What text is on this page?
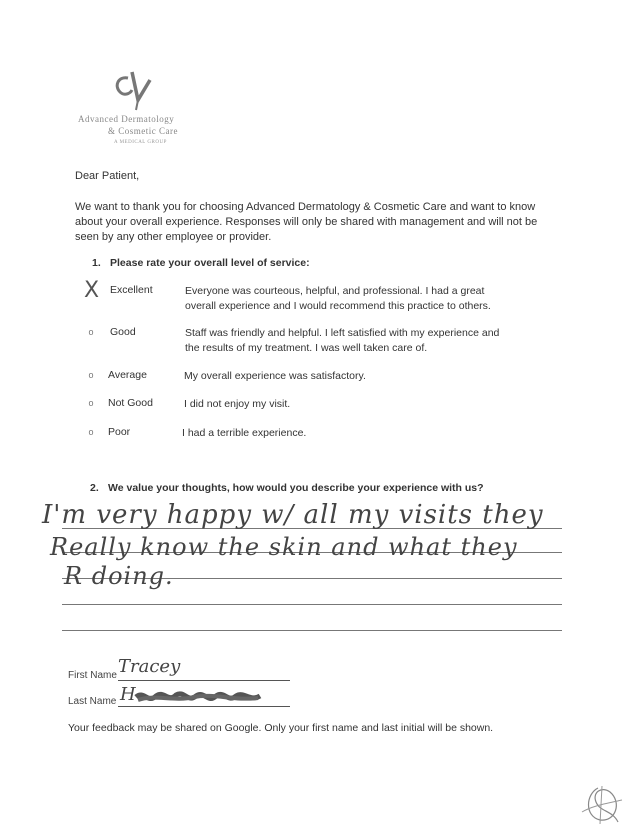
Advanced Dermatology
& Cosmetic Care
A MEDICAL GROUP
Dear Patient,
We want to thank you for choosing Advanced Dermatology & Cosmetic Care and want to know about your overall experience. Responses will only be shared with management and will not be seen by any other employee or provider.
1. Please rate your overall level of service:
X Excellent	Everyone was courteous, helpful, and professional. I had a great overall experience and I would recommend this practice to others.
o	Good	Staff was friendly and helpful. I left satisfied with my experience and the results of my treatment. I was well taken care of.
o	Average	My overall experience was satisfactory.
o	Not Good	I did not enjoy my visit.
o	Poor	I had a terrible experience.
2. We value your thoughts, how would you describe your experience with us?
I'm very happy w/ all my visits they
Really know the skin and what they
R doing.
First Name Tracey
Last Name H
Your feedback may be shared on Google. Only your first name and last initial will be shown.
